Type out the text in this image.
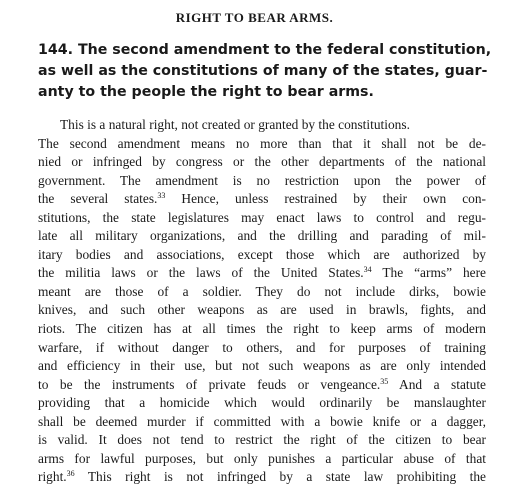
RIGHT TO BEAR ARMS.
144. The second amendment to the federal constitution,
as well as the constitutions of many of the states, guar-
anty to the people the right to bear arms.
This is a natural right, not created or granted by the constitutions.
The second amendment means no more than that it shall not be de-
nied or infringed by congress or the other departments of the national
government. The amendment is no restriction upon the power of
the several states.$^{33}$ Hence, unless restrained by their own con-
stitutions, the state legislatures may enact laws to control and regu-
late all military organizations, and the drilling and parading of mil-
itary bodies and associations, except those which are authorized by
the militia laws or the laws of the United States.$^{34}$ The “arms” here
meant are those of a soldier. They do not include dirks, bowie
knives, and such other weapons as are used in brawls, fights, and
riots. The citizen has at all times the right to keep arms of modern
warfare, if without danger to others, and for purposes of training
and efficiency in their use, but not such weapons as are only intended
to be the instruments of private feuds or vengeance.$^{35}$ And a statute
providing that a homicide which would ordinarily be manslaughter
shall be deemed murder if committed with a bowie knife or a dagger,
is valid. It does not tend to restrict the right of the citizen to bear
arms for lawful purposes, but only punishes a particular abuse of that
right.$^{36}$ This right is not infringed by a state law prohibiting the
